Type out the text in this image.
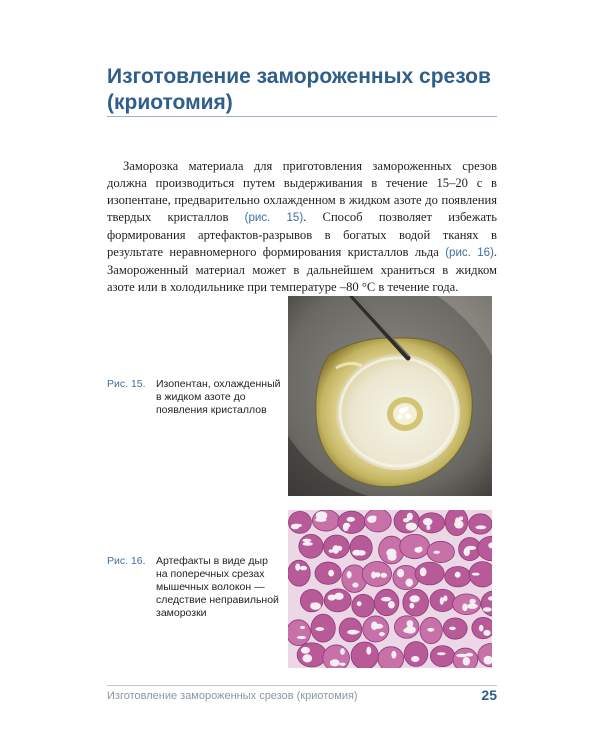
Изготовление замороженных срезов (криотомия)

Заморозка материала для приготовления замороженных срезов должна производиться путем выдерживания в течение 15–20 с в изопентане, предварительно охлажденном в жидком азоте до появления твердых кристаллов (рис. 15). Способ позволяет избежать формирования артефактов-разрывов в богатых водой тканях в результате неравномерного формирования кристаллов льда (рис. 16). Замороженный материал может в дальнейшем храниться в жидком азоте или в холодильнике при температуре –80 °С в течение года.

Рис. 15. Изопентан, охлажденный в жидком азоте до появления кристаллов
Рис. 16. Артефакты в виде дыр на поперечных срезах мышечных волокон — следствие неправильной заморозки
Изготовление замороженных срезов (криотомия)	25
